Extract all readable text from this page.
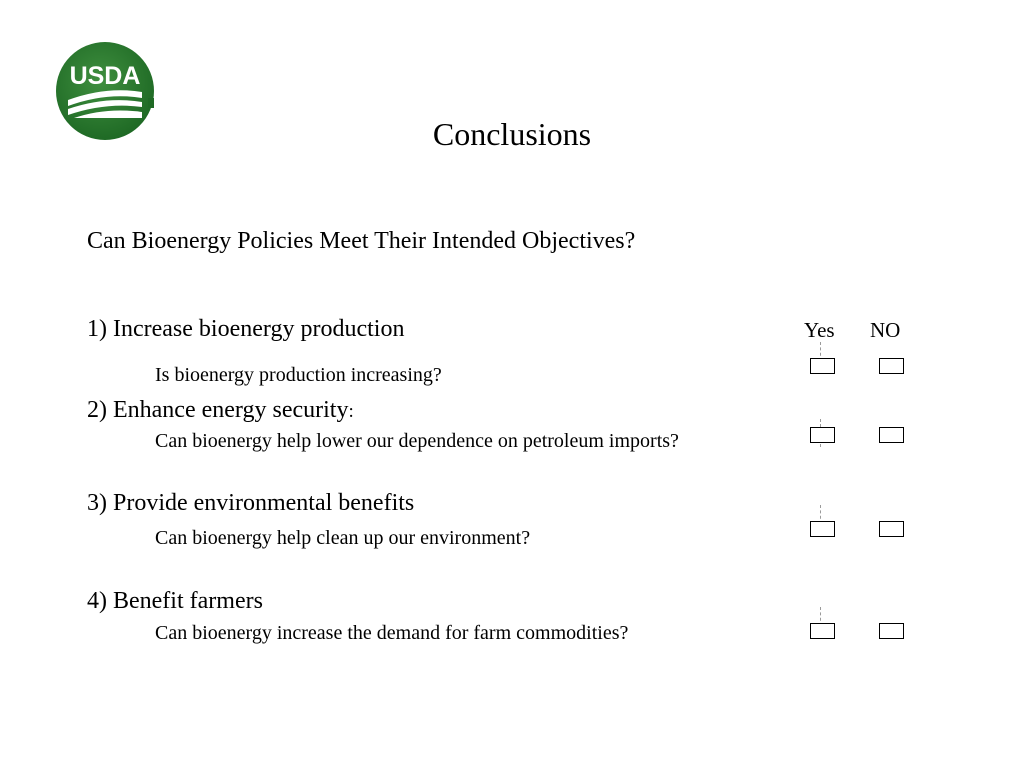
USDA
Conclusions
Can Bioenergy Policies Meet Their Intended Objectives?
Yes NO
1) Increase bioenergy production
Is bioenergy production increasing?
2) Enhance energy security:
Can bioenergy help lower our dependence on petroleum imports?
3) Provide environmental benefits
Can bioenergy help clean up our environment?
4) Benefit farmers
Can bioenergy increase the demand for farm commodities?
